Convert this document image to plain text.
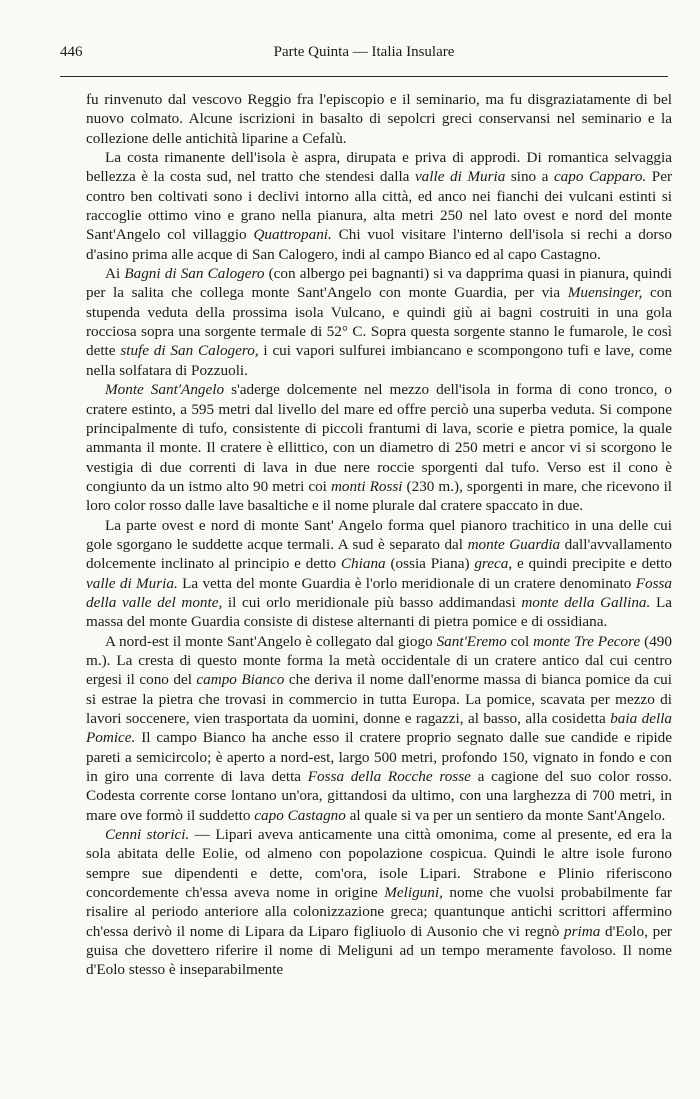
446	Parte Quinta — Italia Insulare

fu rinvenuto dal vescovo Reggio fra l'episcopio e il seminario, ma fu disgraziatamente di bel nuovo colmato. Alcune iscrizioni in basalto di sepolcri greci conservansi nel seminario e la collezione delle antichità liparine a Cefalù.

La costa rimanente dell'isola è aspra, dirupata e priva di approdi. Di romantica selvaggia bellezza è la costa sud, nel tratto che stendesi dalla valle di Muria sino a capo Capparo. Per contro ben coltivati sono i declivi intorno alla città, ed anco nei fianchi dei vulcani estinti si raccoglie ottimo vino e grano nella pianura, alta metri 250 nel lato ovest e nord del monte Sant'Angelo col villaggio Quattropani. Chi vuol visitare l'interno dell'isola si rechi a dorso d'asino prima alle acque di San Calogero, indi al campo Bianco ed al capo Castagno.

Ai Bagni di San Calogero (con albergo pei bagnanti) si va dapprima quasi in pianura, quindi per la salita che collega monte Sant'Angelo con monte Guardia, per via Muensinger, con stupenda veduta della prossima isola Vulcano, e quindi giù ai bagni costruiti in una gola rocciosa sopra una sorgente termale di 52° C. Sopra questa sorgente stanno le fumarole, le così dette stufe di San Calogero, i cui vapori sulfurei imbiancano e scompongono tufi e lave, come nella solfatara di Pozzuoli.

Monte Sant'Angelo s'aderge dolcemente nel mezzo dell'isola in forma di cono tronco, o cratere estinto, a 595 metri dal livello del mare ed offre perciò una superba veduta. Si compone principalmente di tufo, consistente di piccoli frantumi di lava, scorie e pietra pomice, la quale ammanta il monte. Il cratere è ellittico, con un diametro di 250 metri e ancor vi si scorgono le vestigia di due correnti di lava in due nere roccie sporgenti dal tufo. Verso est il cono è congiunto da un istmo alto 90 metri coi monti Rossi (230 m.), sporgenti in mare, che ricevono il loro color rosso dalle lave basaltiche e il nome plurale dal cratere spaccato in due.

La parte ovest e nord di monte Sant' Angelo forma quel pianoro trachitico in una delle cui gole sgorgano le suddette acque termali. A sud è separato dal monte Guardia dall'avvallamento dolcemente inclinato al principio e detto Chiana (ossia Piana) greca, e quindi precipite e detto valle di Muria. La vetta del monte Guardia è l'orlo meridionale di un cratere denominato Fossa della valle del monte, il cui orlo meridionale più basso addimandasi monte della Gallina. La massa del monte Guardia consiste di distese alternanti di pietra pomice e di ossidiana.

A nord-est il monte Sant'Angelo è collegato dal giogo Sant'Eremo col monte Tre Pecore (490 m.). La cresta di questo monte forma la metà occidentale di un cratere antico dal cui centro ergesi il cono del campo Bianco che deriva il nome dall'enorme massa di bianca pomice da cui si estrae la pietra che trovasi in commercio in tutta Europa. La pomice, scavata per mezzo di lavori soccenere, vien trasportata da uomini, donne e ragazzi, al basso, alla cosidetta baia della Pomice. Il campo Bianco ha anche esso il cratere proprio segnato dalle sue candide e ripide pareti a semicircolo; è aperto a nord-est, largo 500 metri, profondo 150, vignato in fondo e con in giro una corrente di lava detta Fossa della Rocche rosse a cagione del suo color rosso. Codesta corrente corse lontano un'ora, gittandosi da ultimo, con una larghezza di 700 metri, in mare ove formò il suddetto capo Castagno al quale si va per un sentiero da monte Sant'Angelo.

Cenni storici. — Lipari aveva anticamente una città omonima, come al presente, ed era la sola abitata delle Eolie, od almeno con popolazione cospicua. Quindi le altre isole furono sempre sue dipendenti e dette, com'ora, isole Lipari. Strabone e Plinio riferiscono concordemente ch'essa aveva nome in origine Meliguni, nome che vuolsi probabilmente far risalire al periodo anteriore alla colonizzazione greca; quantunque antichi scrittori affermino ch'essa derivò il nome di Lipara da Liparo figliuolo di Ausonio che vi regnò prima d'Eolo, per guisa che dovettero riferire il nome di Meliguni ad un tempo meramente favoloso. Il nome d'Eolo stesso è inseparabilmente
